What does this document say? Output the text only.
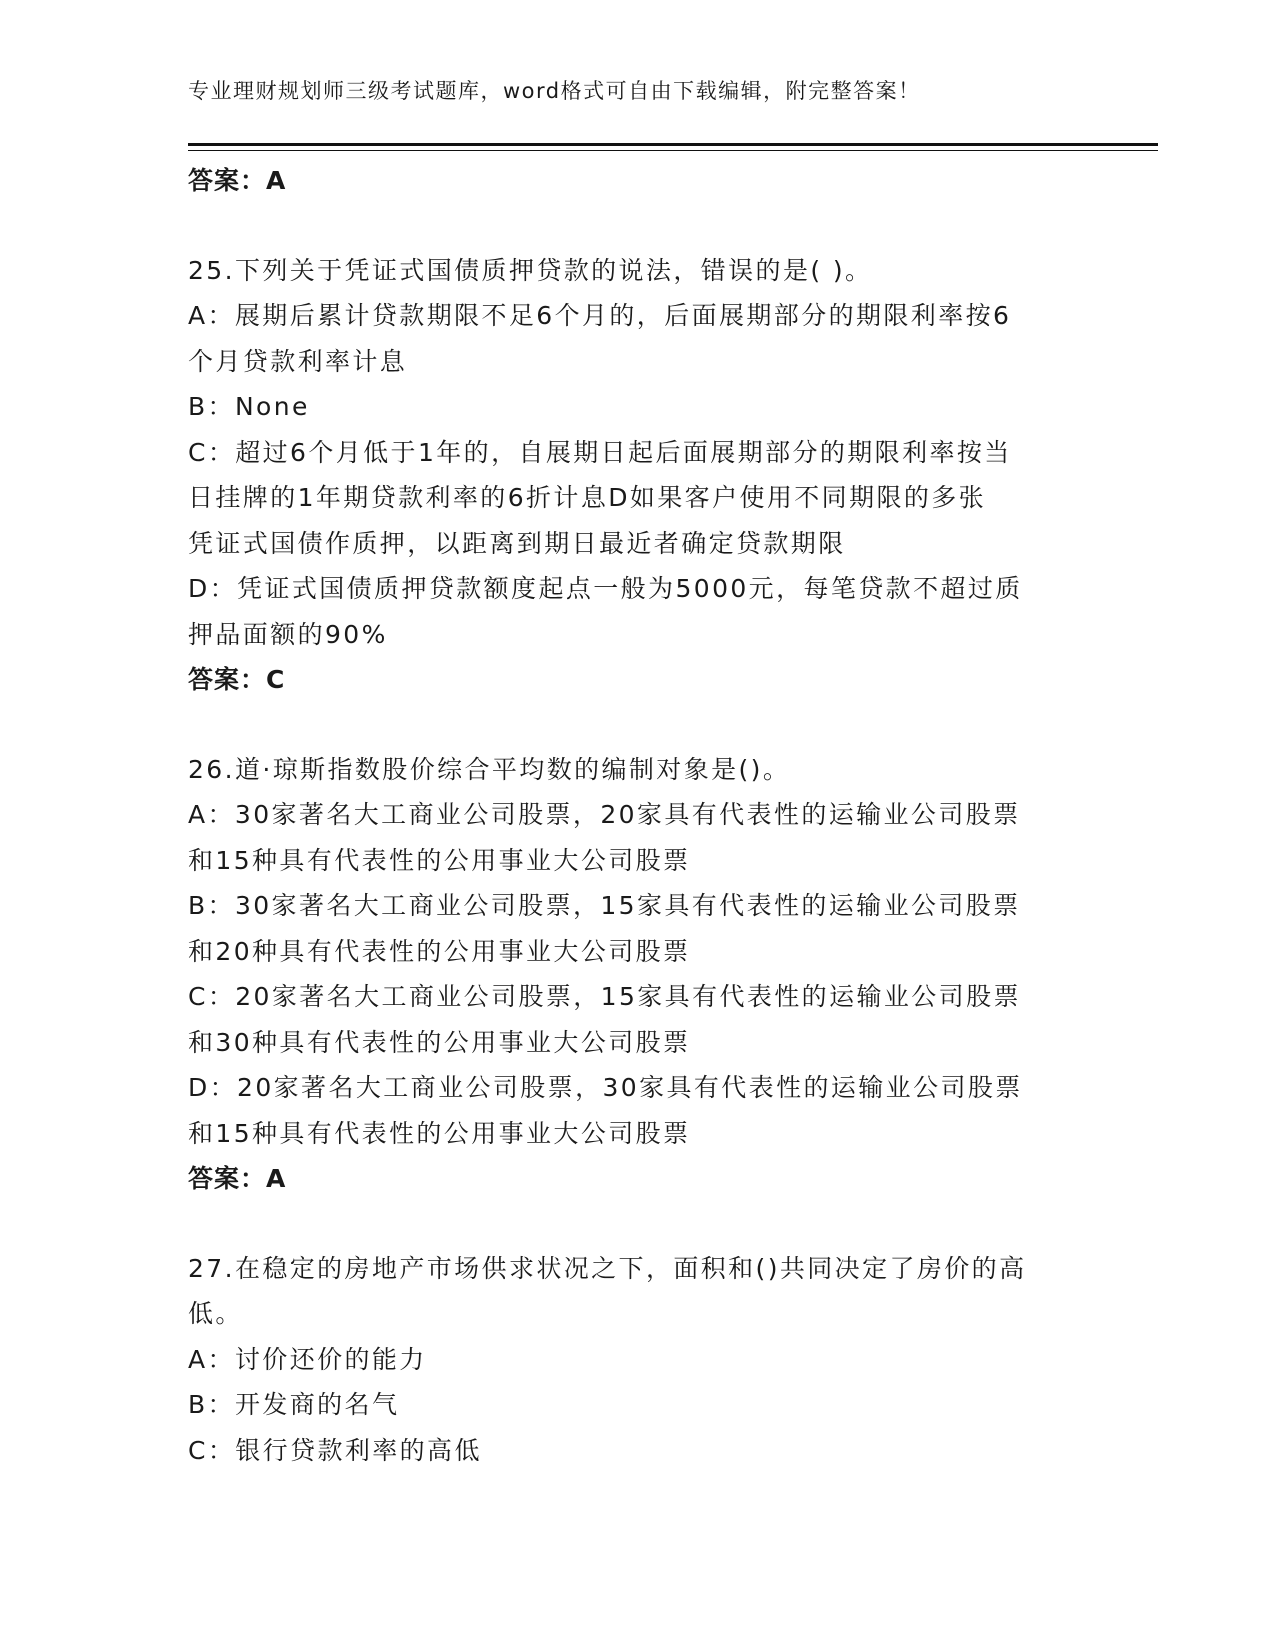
专业理财规划师三级考试题库，word格式可自由下载编辑，附完整答案！
答案：A
25.下列关于凭证式国债质押贷款的说法，错误的是( )。
A：展期后累计贷款期限不足6个月的，后面展期部分的期限利率按6
个月贷款利率计息
B：None
C：超过6个月低于1年的，自展期日起后面展期部分的期限利率按当
日挂牌的1年期贷款利率的6折计息D如果客户使用不同期限的多张
凭证式国债作质押，以距离到期日最近者确定贷款期限
D：凭证式国债质押贷款额度起点一般为5000元，每笔贷款不超过质
押品面额的90%
答案：C
26.道·琼斯指数股价综合平均数的编制对象是()。
A：30家著名大工商业公司股票，20家具有代表性的运输业公司股票
和15种具有代表性的公用事业大公司股票
B：30家著名大工商业公司股票，15家具有代表性的运输业公司股票
和20种具有代表性的公用事业大公司股票
C：20家著名大工商业公司股票，15家具有代表性的运输业公司股票
和30种具有代表性的公用事业大公司股票
D：20家著名大工商业公司股票，30家具有代表性的运输业公司股票
和15种具有代表性的公用事业大公司股票
答案：A
27.在稳定的房地产市场供求状况之下，面积和()共同决定了房价的高
低。
A：讨价还价的能力
B：开发商的名气
C：银行贷款利率的高低
